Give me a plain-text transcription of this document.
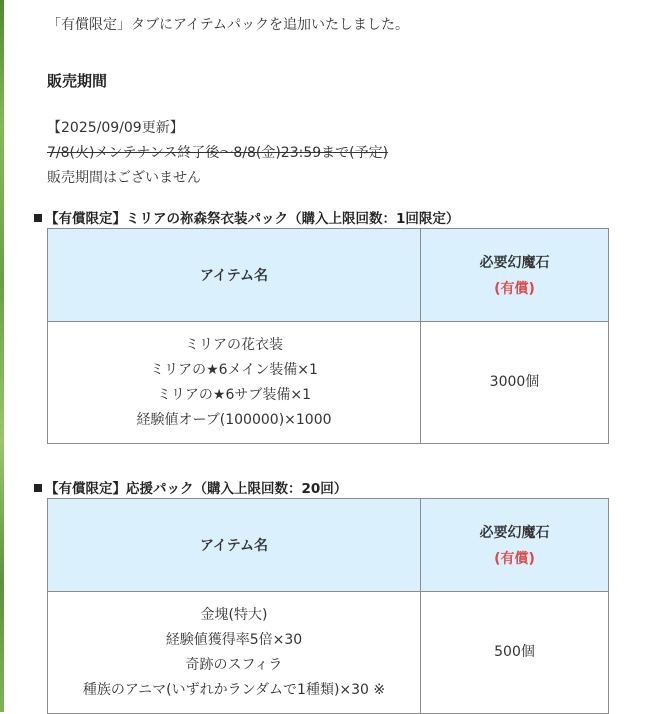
「有償限定」タブにアイテムパックを追加いたしました。
販売期間
【2025/09/09更新】
7/8(火)メンテナンス終了後～8/8(金)23:59まで(予定)
販売期間はございません
【有償限定】ミリアの祢森祭衣装パック（購入上限回数：1回限定）
アイテム名	必要幻魔石
(有償)

ミリアの花衣装
ミリアの★6メイン装備×1
ミリアの★6サブ装備×1
経験値オーブ(100000)×1000	3000個
【有償限定】応援パック（購入上限回数：20回）
アイテム名	必要幻魔石
(有償)

金塊(特大)
経験値獲得率5倍×30
奇跡のスフィラ
種族のアニマ(いずれかランダムで1種類)×30 ※	500個
